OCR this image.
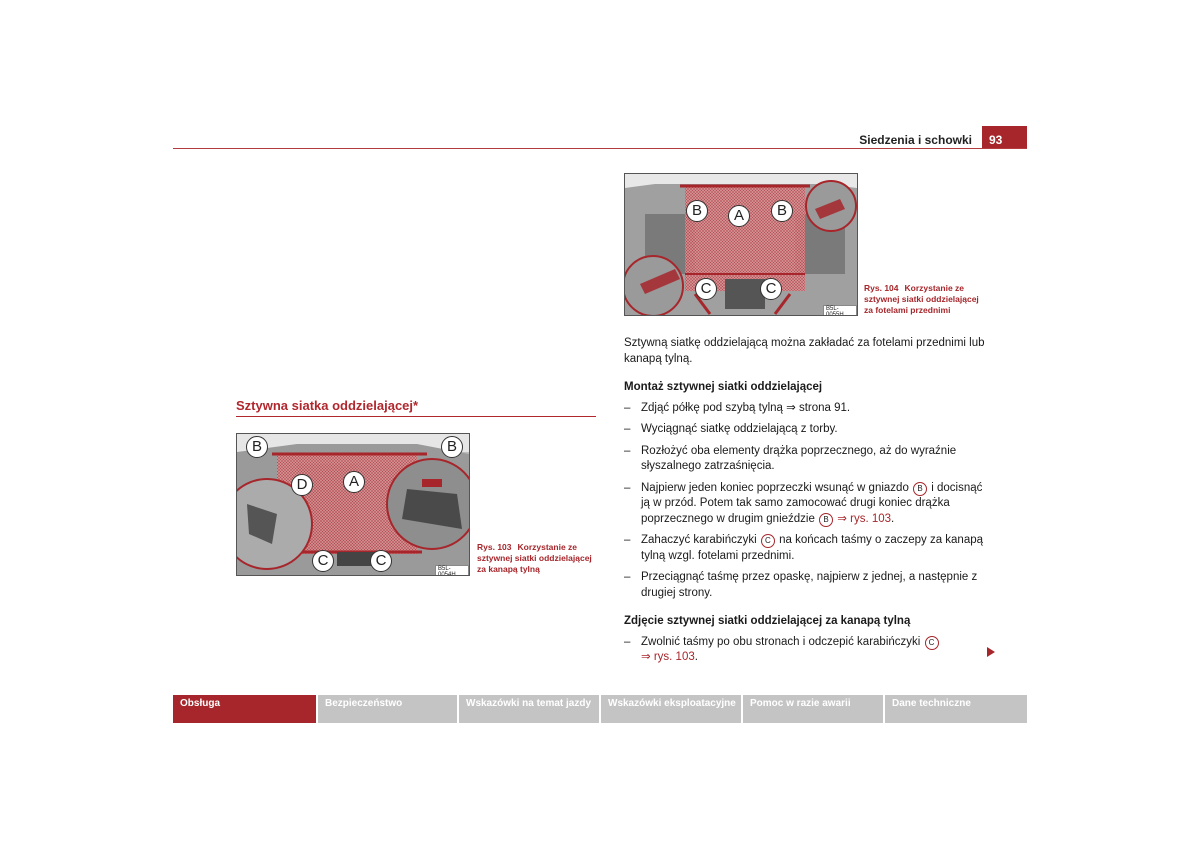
Siedzenia i schowki	93
Sztywna siatka oddzielającej*
B5L-0054H
B	B
D	A
C	C
Rys. 103 Korzystanie ze sztywnej siatki oddzielającej za kanapą tylną
B5L-0055H
B	A	B
C	C	Rys. 104 Korzystanie ze sztywnej siatki oddzielającej za fotelami przednimi

Sztywną siatkę oddzielającą można zakładać za fotelami przednimi lub kanapą tylną.

Montaż sztywnej siatki oddzielającej

– Zdjąć półkę pod szybą tylną ⇒ strona 91.

– Wyciągnąć siatkę oddzielającą z torby.

– Rozłożyć oba elementy drążka poprzecznego, aż do wyraźnie słyszalnego zatrzaśnięcia.

– Najpierw jeden koniec poprzeczki wsunąć w gniazdo B i docisnąć ją w przód. Potem tak samo zamocować drugi koniec drążka poprzecznego w drugim gnieździe B ⇒ rys. 103.

– Zahaczyć karabińczyki C na końcach taśmy o zaczepy za kanapą tylną wzgl. fotelami przednimi.

– Przeciągnąć taśmę przez opaskę, najpierw z jednej, a następnie z drugiej strony.

Zdjęcie sztywnej siatki oddzielającej za kanapą tylną

– Zwolnić taśmy po obu stronach i odczepić karabińczyki C
⇒ rys. 103.

Obsługa	Bezpieczeństwo	Wskazówki na temat jazdy	Wskazówki eksploatacyjne	Pomoc w razie awarii	Dane techniczne
